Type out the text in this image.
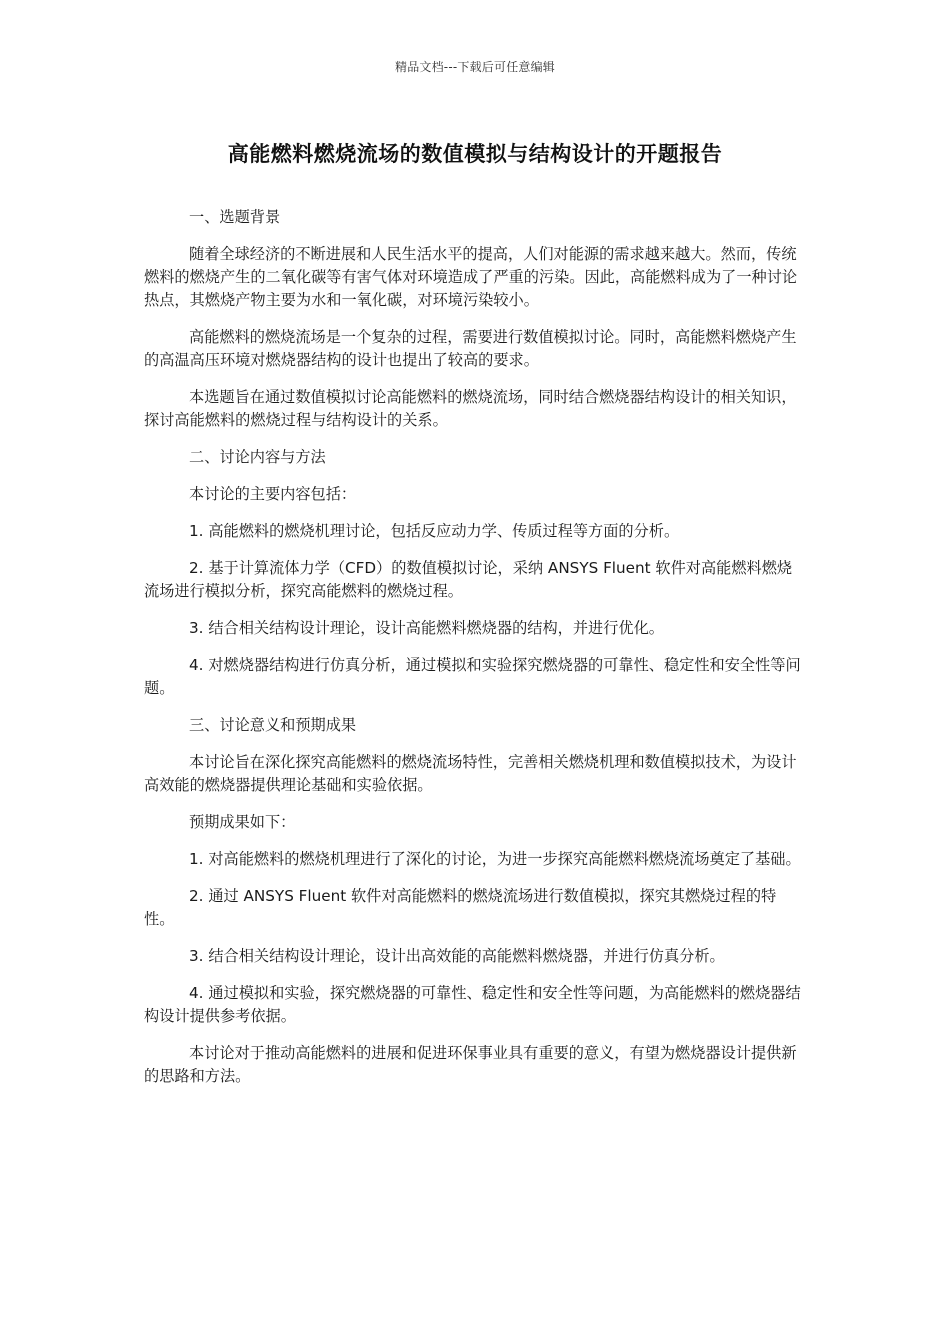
精品文档---下载后可任意编辑
高能燃料燃烧流场的数值模拟与结构设计的开题报告

一、选题背景

随着全球经济的不断进展和人民生活水平的提高，人们对能源的需求越来越大。然而，传统燃料的燃烧产生的二氧化碳等有害气体对环境造成了严重的污染。因此，高能燃料成为了一种讨论热点，其燃烧产物主要为水和一氧化碳，对环境污染较小。

高能燃料的燃烧流场是一个复杂的过程，需要进行数值模拟讨论。同时，高能燃料燃烧产生的高温高压环境对燃烧器结构的设计也提出了较高的要求。

本选题旨在通过数值模拟讨论高能燃料的燃烧流场，同时结合燃烧器结构设计的相关知识，探讨高能燃料的燃烧过程与结构设计的关系。

二、讨论内容与方法

本讨论的主要内容包括：

1. 高能燃料的燃烧机理讨论，包括反应动力学、传质过程等方面的分析。

2. 基于计算流体力学（CFD）的数值模拟讨论，采纳 ANSYS Fluent 软件对高能燃料燃烧流场进行模拟分析，探究高能燃料的燃烧过程。

3. 结合相关结构设计理论，设计高能燃料燃烧器的结构，并进行优化。

4. 对燃烧器结构进行仿真分析，通过模拟和实验探究燃烧器的可靠性、稳定性和安全性等问题。

三、讨论意义和预期成果

本讨论旨在深化探究高能燃料的燃烧流场特性，完善相关燃烧机理和数值模拟技术，为设计高效能的燃烧器提供理论基础和实验依据。

预期成果如下：

1. 对高能燃料的燃烧机理进行了深化的讨论，为进一步探究高能燃料燃烧流场奠定了基础。

2. 通过 ANSYS Fluent 软件对高能燃料的燃烧流场进行数值模拟，探究其燃烧过程的特性。

3. 结合相关结构设计理论，设计出高效能的高能燃料燃烧器，并进行仿真分析。

4. 通过模拟和实验，探究燃烧器的可靠性、稳定性和安全性等问题，为高能燃料的燃烧器结构设计提供参考依据。

本讨论对于推动高能燃料的进展和促进环保事业具有重要的意义，有望为燃烧器设计提供新的思路和方法。
